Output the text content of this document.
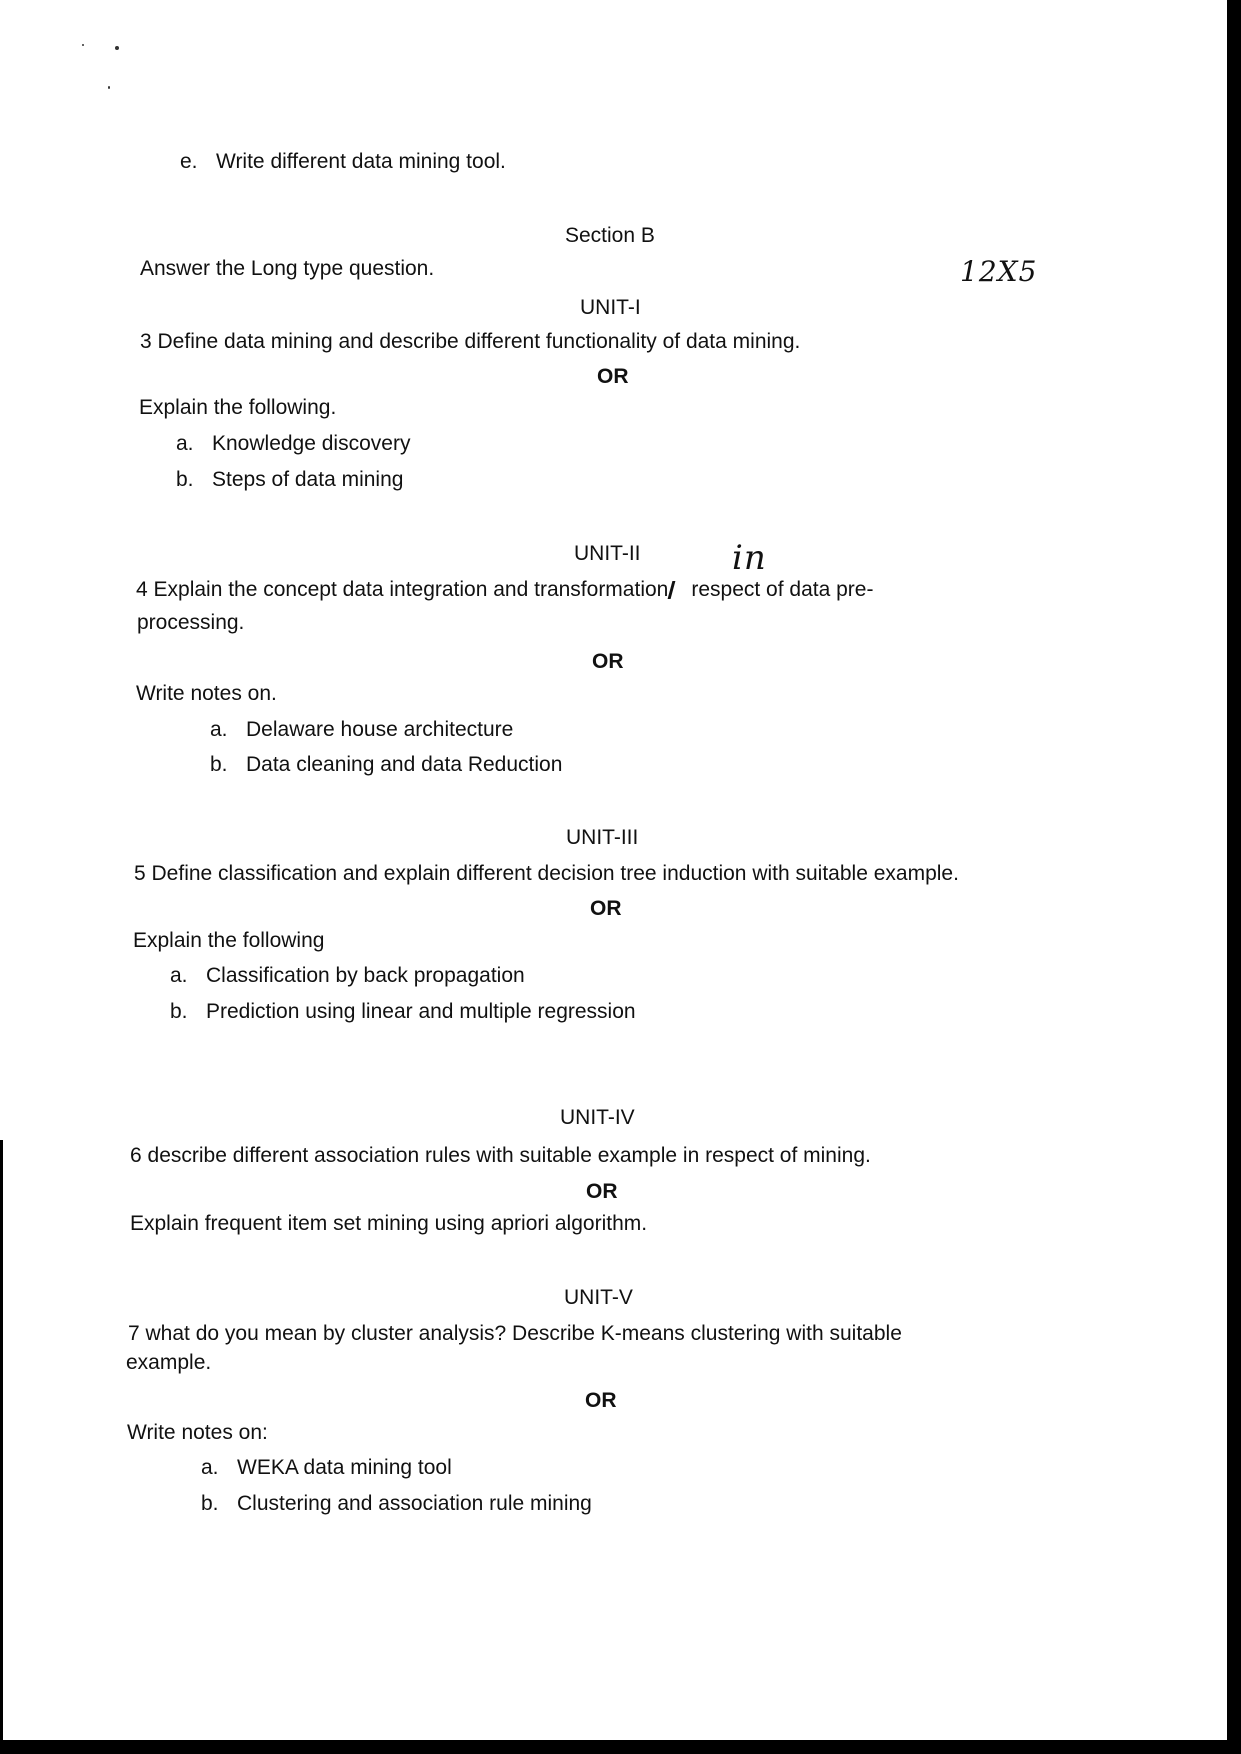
e. Write different data mining tool.
Section B
Answer the Long type question.	12X5
UNIT-I
3 Define data mining and describe different functionality of data mining.
OR
Explain the following.
a. Knowledge discovery
b. Steps of data mining
UNIT-II	in
4 Explain the concept data integration and transformation respect of data pre-
processing.
OR
Write notes on.
a. Delaware house architecture
b. Data cleaning and data Reduction
UNIT-III
5 Define classification and explain different decision tree induction with suitable example.
OR
Explain the following
a. Classification by back propagation
b. Prediction using linear and multiple regression
UNIT-IV
6 describe different association rules with suitable example in respect of mining.
OR
Explain frequent item set mining using apriori algorithm.
UNIT-V
7 what do you mean by cluster analysis? Describe K-means clustering with suitable
example.
OR
Write notes on:
a. WEKA data mining tool
b. Clustering and association rule mining
